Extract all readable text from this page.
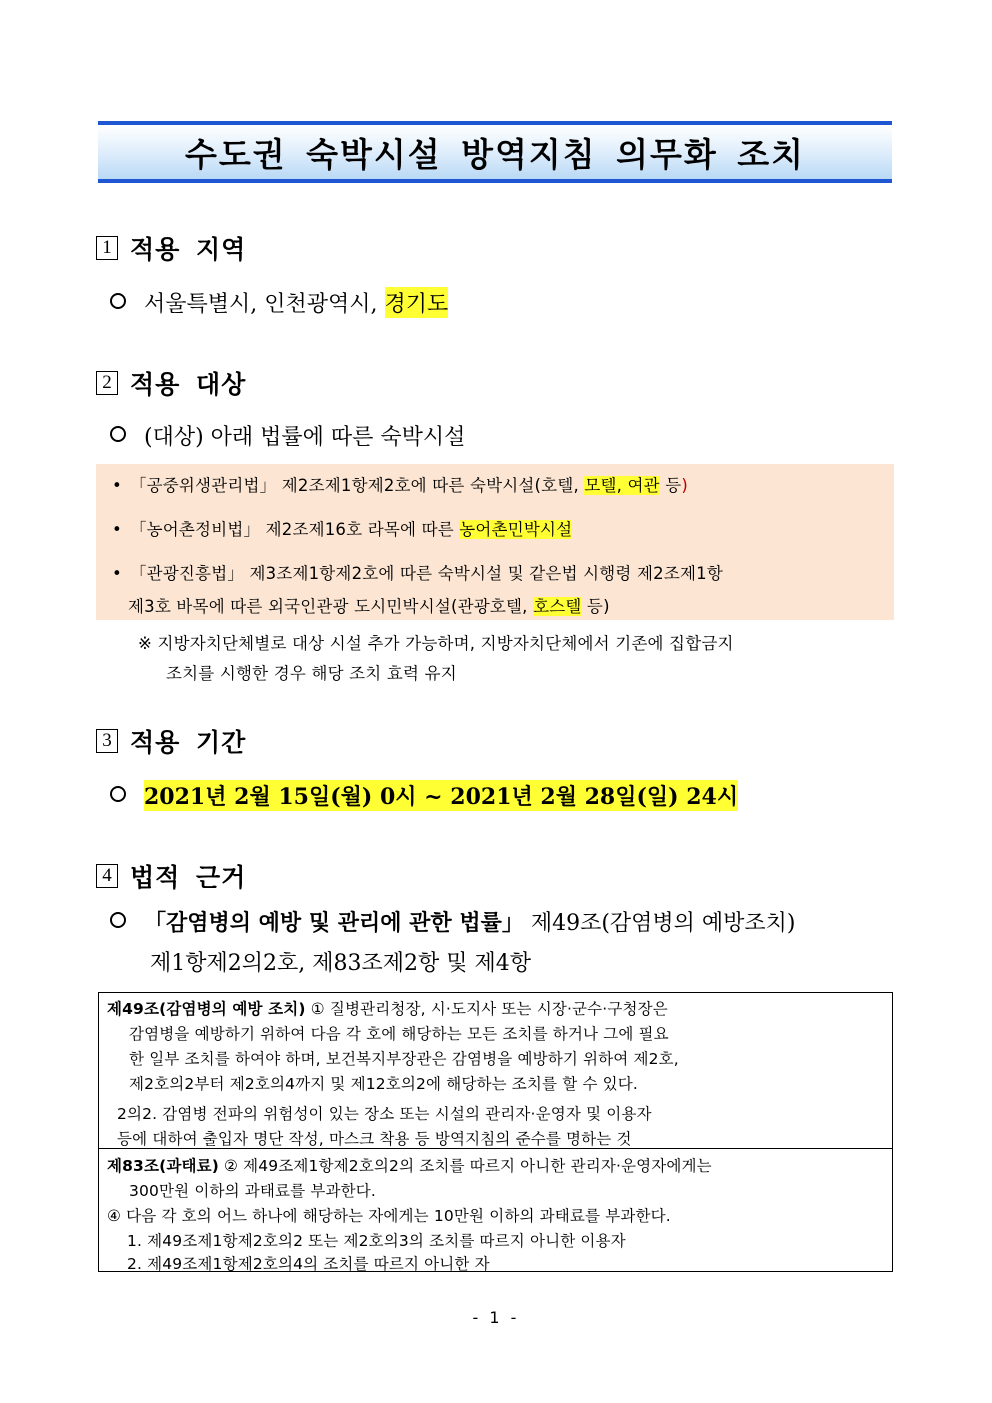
수도권 숙박시설 방역지침 의무화 조치
1 적용 지역
서울특별시, 인천광역시, 경기도
2 적용 대상
(대상) 아래 법률에 따른 숙박시설
• 「공중위생관리법」 제2조제1항제2호에 따른 숙박시설(호텔, 모텔, 여관 등)
• 「농어촌정비법」 제2조제16호 라목에 따른 농어촌민박시설
• 「관광진흥법」 제3조제1항제2호에 따른 숙박시설 및 같은법 시행령 제2조제1항
제3호 바목에 따른 외국인관광 도시민박시설(관광호텔, 호스텔 등)
※ 지방자치단체별로 대상 시설 추가 가능하며, 지방자치단체에서 기존에 집합금지
조치를 시행한 경우 해당 조치 효력 유지
3 적용 기간
2021년 2월 15일(월) 0시 ~ 2021년 2월 28일(일) 24시
4 법적 근거
「감염병의 예방 및 관리에 관한 법률」 제49조(감염병의 예방조치)
제1항제2의2호, 제83조제2항 및 제4항
제49조(감염병의 예방 조치) ① 질병관리청장, 시·도지사 또는 시장·군수·구청장은
감염병을 예방하기 위하여 다음 각 호에 해당하는 모든 조치를 하거나 그에 필요
한 일부 조치를 하여야 하며, 보건복지부장관은 감염병을 예방하기 위하여 제2호,
제2호의2부터 제2호의4까지 및 제12호의2에 해당하는 조치를 할 수 있다.
2의2. 감염병 전파의 위험성이 있는 장소 또는 시설의 관리자·운영자 및 이용자
등에 대하여 출입자 명단 작성, 마스크 착용 등 방역지침의 준수를 명하는 것
제83조(과태료) ② 제49조제1항제2호의2의 조치를 따르지 아니한 관리자·운영자에게는
300만원 이하의 과태료를 부과한다.
④ 다음 각 호의 어느 하나에 해당하는 자에게는 10만원 이하의 과태료를 부과한다.
1. 제49조제1항제2호의2 또는 제2호의3의 조치를 따르지 아니한 이용자
2. 제49조제1항제2호의4의 조치를 따르지 아니한 자
- 1 -
